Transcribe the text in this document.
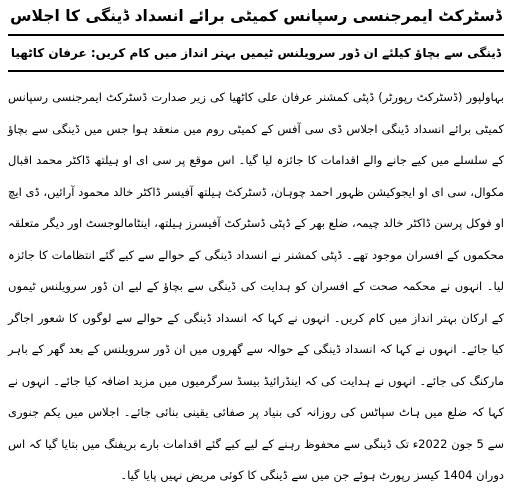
ڈسٹرکٹ ایمرجنسی رسپانس کمیٹی برائے انسداد ڈینگی کا اجلاس
ڈینگی سے بچاؤ کیلئے ان ڈور سرویلنس ٹیمیں بہتر انداز میں کام کریں: عرفان کاٹھیا

بہاولپور (ڈسٹرکٹ رپورٹر) ڈپٹی کمشنر عرفان علی کاٹھیا کی زیر صدارت ڈسٹرکٹ ایمرجنسی رسپانس کمیٹی برائے انسداد ڈینگی اجلاس ڈی سی آفس کے کمیٹی روم میں منعقد ہوا جس میں ڈینگی سے بچاؤ کے سلسلے میں کیے جانے والے اقدامات کا جائزہ لیا گیا۔ اس موقع پر سی ای او ہیلتھ ڈاکٹر محمد اقبال مکوال، سی ای او ایجوکیشن ظہور احمد چوہان، ڈسٹرکٹ ہیلتھ آفیسر ڈاکٹر خالد محمود آرائیں، ڈی ایچ او فوکل پرسن ڈاکٹر خالد چیمہ، ضلع بھر کے ڈپٹی ڈسٹرکٹ آفیسرز ہیلتھ، اینٹامالوجسٹ اور دیگر متعلقہ محکموں کے افسران موجود تھے۔ ڈپٹی کمشنر نے انسداد ڈینگی کے حوالے سے کیے گئے انتظامات کا جائزہ لیا۔ انہوں نے محکمہ صحت کے افسران کو ہدایت کی ڈینگی سے بچاؤ کے لیے ان ڈور سرویلنس ٹیموں کے ارکان بہتر انداز میں کام کریں۔ انہوں نے کہا کہ انسداد ڈینگی کے حوالے سے لوگوں کا شعور اجاگر کیا جائے۔ انہوں نے کہا کہ انسداد ڈینگی کے حوالہ سے گھروں میں ان ڈور سرویلنس کے بعد گھر کے باہر مارکنگ کی جائے۔ انہوں نے ہدایت کی کہ اینڈرائیڈ بیسڈ سرگرمیوں میں مزید اضافہ کیا جائے۔ انہوں نے کہا کہ ضلع میں ہاٹ سپاٹس کی روزانہ کی بنیاد پر صفائی یقینی بنائی جائے۔ اجلاس میں یکم جنوری سے 5 جون 2022ء تک ڈینگی سے محفوظ رہنے کے لیے کیے گئے اقدامات بارے بریفنگ میں بتایا گیا کہ اس دوران 1404 کیسز رپورٹ ہوئے جن میں سے ڈینگی کا کوئی مریض نہیں پایا گیا۔
